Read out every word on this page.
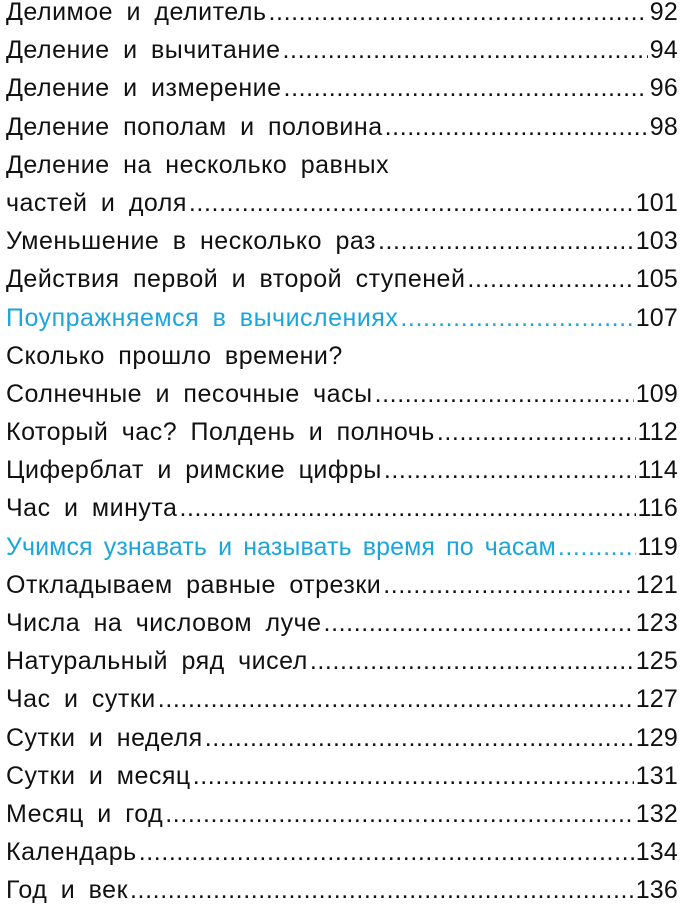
Делимое и делитель .....	92
Деление и вычитание .....	94
Деление и измерение .....	96
Деление пополам и половина .....	98
Деление на несколько равных
частей и доля .....	101
Уменьшение в несколько раз .....	103
Действия первой и второй ступеней .....	105
Поупражняемся в вычислениях .....	107
Сколько прошло времени?
Солнечные и песочные часы .....	109
Который час? Полдень и полночь .....	112
Циферблат и римские цифры .....	114
Час и минута .....	116
Учимся узнавать и называть время по часам .....	119
Откладываем равные отрезки .....	121
Числа на числовом луче .....	123
Натуральный ряд чисел .....	125
Час и сутки .....	127
Сутки и неделя .....	129
Сутки и месяц .....	131
Месяц и год .....	132
Календарь .....	134
Год и век .....	136
